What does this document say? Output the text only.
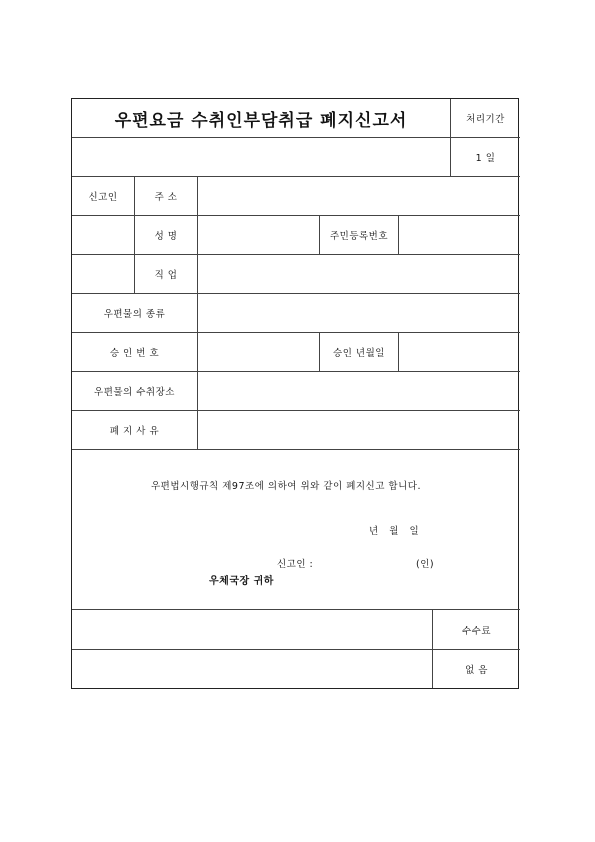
우편요금 수취인부담취급 폐지신고서	처리기간
1 일
신고인	주 소
성 명	주민등록번호
직 업
우편물의 종류
승 인 번 호	승인 년월일
우편물의 수취장소
폐 지 사 유
우편법시행규칙 제97조에 의하여 위와 같이 폐지신고 합니다.
년   월   일
신고인 :	(인)
우체국장 귀하
수수료
없 음
